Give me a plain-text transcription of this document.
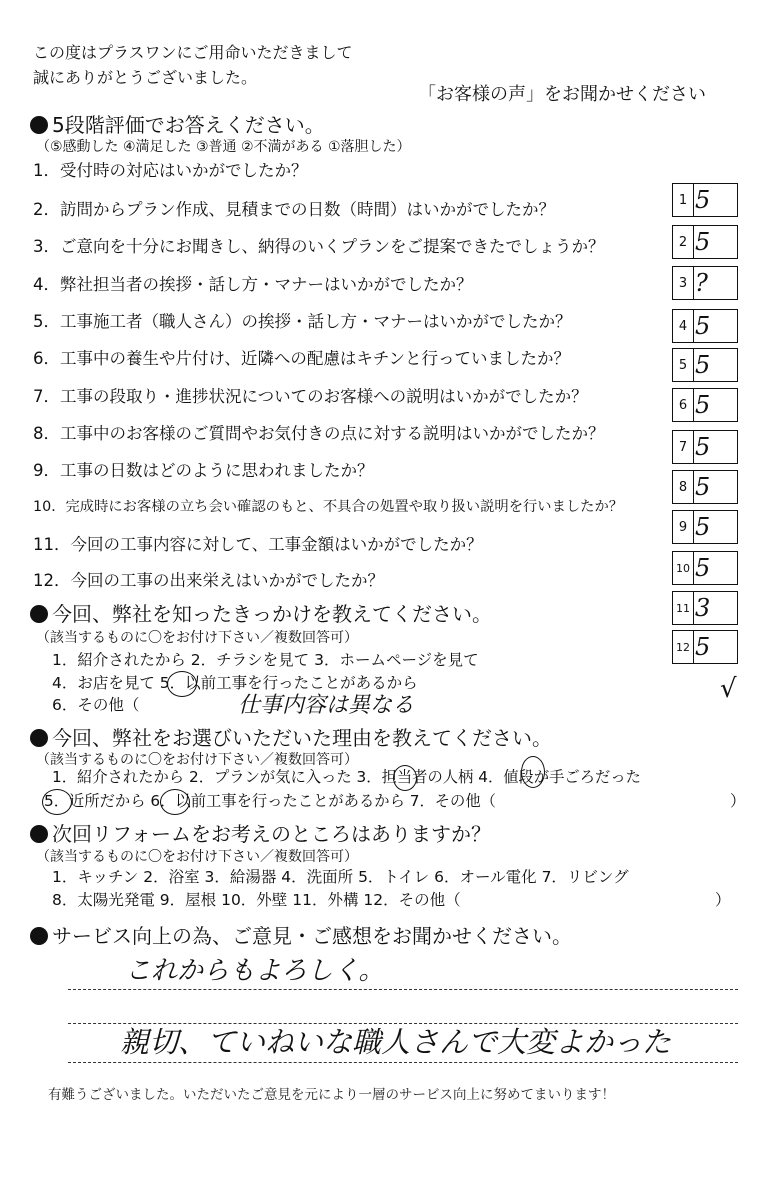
この度はプラスワンにご用命いただきまして
誠にありがとうございました。
「お客様の声」をお聞かせください
5段階評価でお答えください。
（⑤感動した ④満足した ③普通 ②不満がある ①落胆した）
1．受付時の対応はいかがでしたか？
2．訪問からプラン作成、見積までの日数（時間）はいかがでしたか？
3．ご意向を十分にお聞きし、納得のいくプランをご提案できたでしょうか？
4．弊社担当者の挨拶・話し方・マナーはいかがでしたか？
5．工事施工者（職人さん）の挨拶・話し方・マナーはいかがでしたか？
6．工事中の養生や片付け、近隣への配慮はキチンと行っていましたか？
7．工事の段取り・進捗状況についてのお客様への説明はいかがでしたか？
8．工事中のお客様のご質問やお気付きの点に対する説明はいかがでしたか？
9．工事の日数はどのように思われましたか？
10．完成時にお客様の立ち会い確認のもと、不具合の処置や取り扱い説明を行いましたか？
11．今回の工事内容に対して、工事金額はいかがでしたか？
12．今回の工事の出来栄えはいかがでしたか？
1 5
2 5
3 ?
4 5
5 5
6 5
7 5
8 5
9 5
10 5
11 3
12 5
√
今回、弊社を知ったきっかけを教えてください。
（該当するものに〇をお付け下さい／複数回答可）
1．紹介されたから 2．チラシを見て 3．ホームページを見て
4．お店を見て 5．以前工事を行ったことがあるから
6．その他（	仕事内容は異なる
今回、弊社をお選びいただいた理由を教えてください。
（該当するものに〇をお付け下さい／複数回答可）
1．紹介されたから 2．プランが気に入った 3．担当者の人柄 4．値段が手ごろだった
5．近所だから 6．以前工事を行ったことがあるから 7．その他（	）
次回リフォームをお考えのところはありますか？
（該当するものに〇をお付け下さい／複数回答可）
1．キッチン 2．浴室 3．給湯器 4．洗面所 5．トイレ 6．オール電化 7．リビング
8．太陽光発電 9．屋根 10．外壁 11．外構 12．その他（	）
サービス向上の為、ご意見・ご感想をお聞かせください。
これからもよろしく。
親切、ていねいな職人さんで大変よかった
有難うございました。いただいたご意見を元により一層のサービス向上に努めてまいります！
